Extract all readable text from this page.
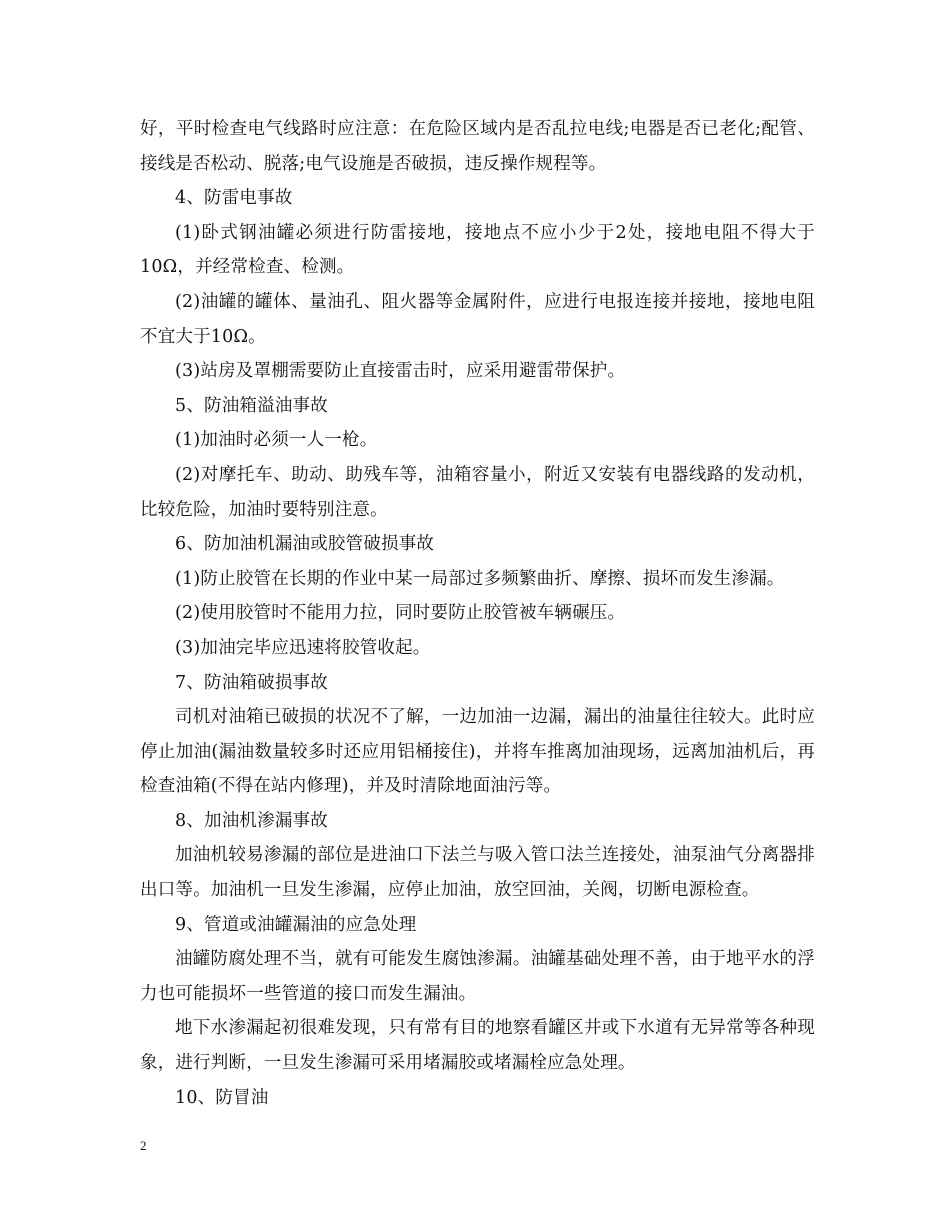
好，平时检查电气线路时应注意：在危险区域内是否乱拉电线;电器是否已老化;配管、接线是否松动、脱落;电气设施是否破损，违反操作规程等。

4、防雷电事故

(1)卧式钢油罐必须进行防雷接地，接地点不应小少于2处，接地电阻不得大于10Ω，并经常检查、检测。

(2)油罐的罐体、量油孔、阻火器等金属附件，应进行电报连接并接地，接地电阻不宜大于10Ω。

(3)站房及罩棚需要防止直接雷击时，应采用避雷带保护。

5、防油箱溢油事故

(1)加油时必须一人一枪。

(2)对摩托车、助动、助残车等，油箱容量小，附近又安装有电器线路的发动机，比较危险，加油时要特别注意。

6、防加油机漏油或胶管破损事故

(1)防止胶管在长期的作业中某一局部过多频繁曲折、摩擦、损坏而发生渗漏。

(2)使用胶管时不能用力拉，同时要防止胶管被车辆碾压。

(3)加油完毕应迅速将胶管收起。

7、防油箱破损事故

司机对油箱已破损的状况不了解，一边加油一边漏，漏出的油量往往较大。此时应停止加油(漏油数量较多时还应用铝桶接住)，并将车推离加油现场，远离加油机后，再检查油箱(不得在站内修理)，并及时清除地面油污等。

8、加油机渗漏事故

加油机较易渗漏的部位是进油口下法兰与吸入管口法兰连接处，油泵油气分离器排出口等。加油机一旦发生渗漏，应停止加油，放空回油，关阀，切断电源检查。

9、管道或油罐漏油的应急处理

油罐防腐处理不当，就有可能发生腐蚀渗漏。油罐基础处理不善，由于地平水的浮力也可能损坏一些管道的接口而发生漏油。

地下水渗漏起初很难发现，只有常有目的地察看罐区井或下水道有无异常等各种现象，进行判断，一旦发生渗漏可采用堵漏胶或堵漏栓应急处理。

10、防冒油

2
